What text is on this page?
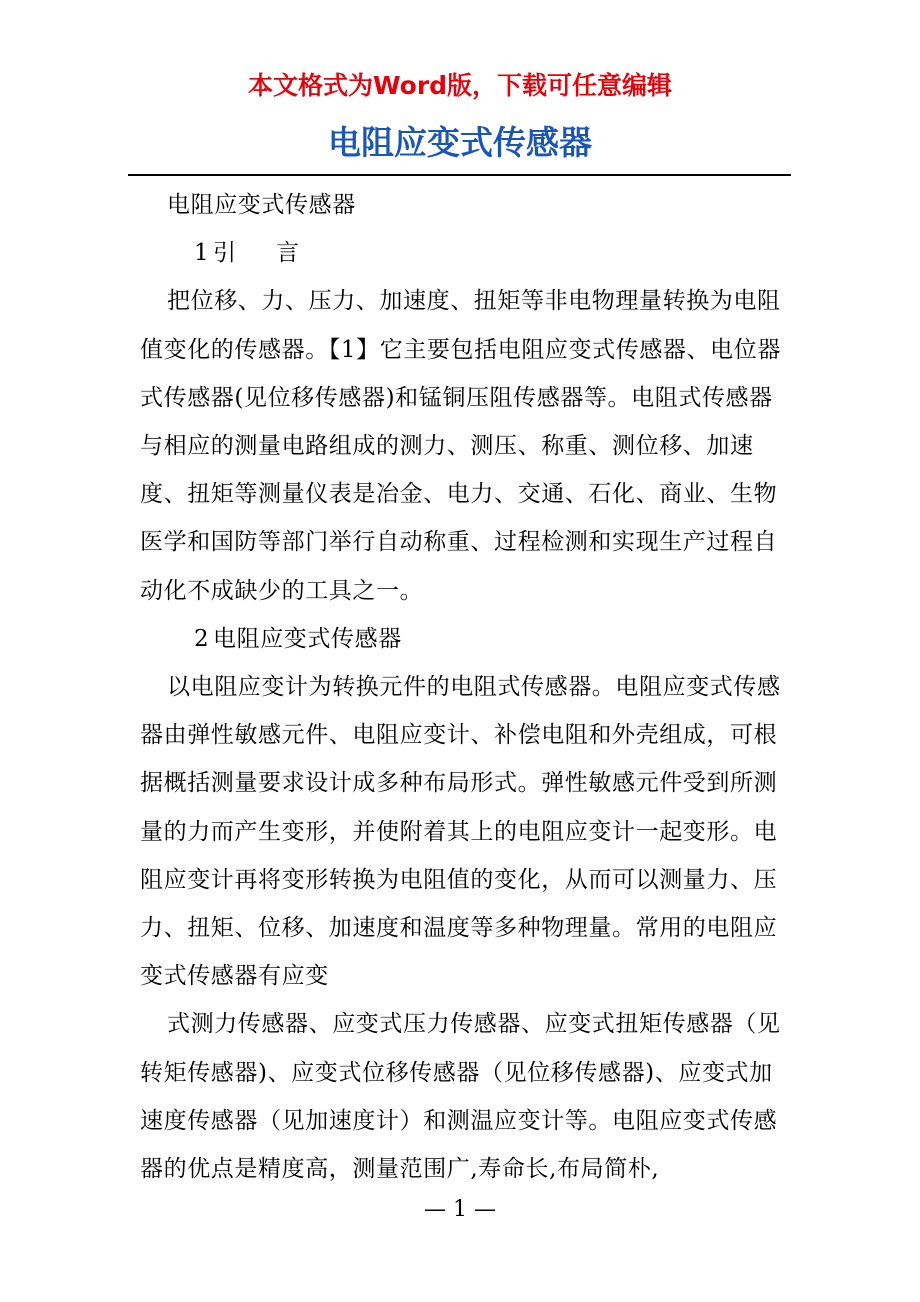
本文格式为Word版，下载可任意编辑
电阻应变式传感器

电阻应变式传感器

1 引言

把位移、力、压力、加速度、扭矩等非电物理量转换为电阻值变化的传感器。【1】它主要包括电阻应变式传感器、电位器式传感器(见位移传感器)和锰铜压阻传感器等。电阻式传感器与相应的测量电路组成的测力、测压、称重、测位移、加速度、扭矩等测量仪表是冶金、电力、交通、石化、商业、生物医学和国防等部门举行自动称重、过程检测和实现生产过程自动化不成缺少的工具之一。

2 电阻应变式传感器

以电阻应变计为转换元件的电阻式传感器。电阻应变式传感器由弹性敏感元件、电阻应变计、补偿电阻和外壳组成，可根据概括测量要求设计成多种布局形式。弹性敏感元件受到所测量的力而产生变形，并使附着其上的电阻应变计一起变形。电阻应变计再将变形转换为电阻值的变化，从而可以测量力、压力、扭矩、位移、加速度和温度等多种物理量。常用的电阻应变式传感器有应变

式测力传感器、应变式压力传感器、应变式扭矩传感器（见转矩传感器)、应变式位移传感器（见位移传感器)、应变式加速度传感器（见加速度计）和测温应变计等。电阻应变式传感器的优点是精度高，测量范围广,寿命长,布局简朴,

— 1 —
